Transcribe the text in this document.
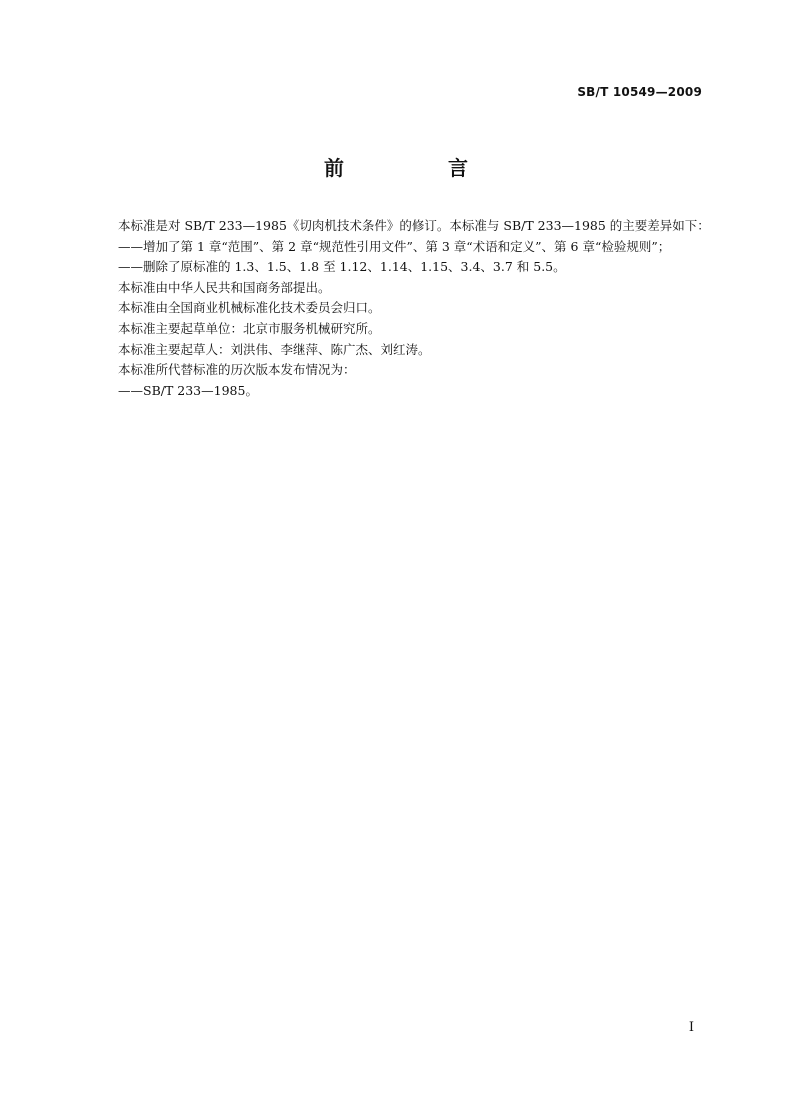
SB/T 10549—2009
前　言

本标准是对 SB/T 233—1985《切肉机技术条件》的修订。本标准与 SB/T 233—1985 的主要差异如下：

——增加了第 1 章“范围”、第 2 章“规范性引用文件”、第 3 章“术语和定义”、第 6 章“检验规则”；

——删除了原标准的 1.3、1.5、1.8 至 1.12、1.14、1.15、3.4、3.7 和 5.5。

本标准由中华人民共和国商务部提出。

本标准由全国商业机械标准化技术委员会归口。

本标准主要起草单位：北京市服务机械研究所。

本标准主要起草人：刘洪伟、李继萍、陈广杰、刘红涛。

本标准所代替标准的历次版本发布情况为：

——SB/T 233—1985。

I
